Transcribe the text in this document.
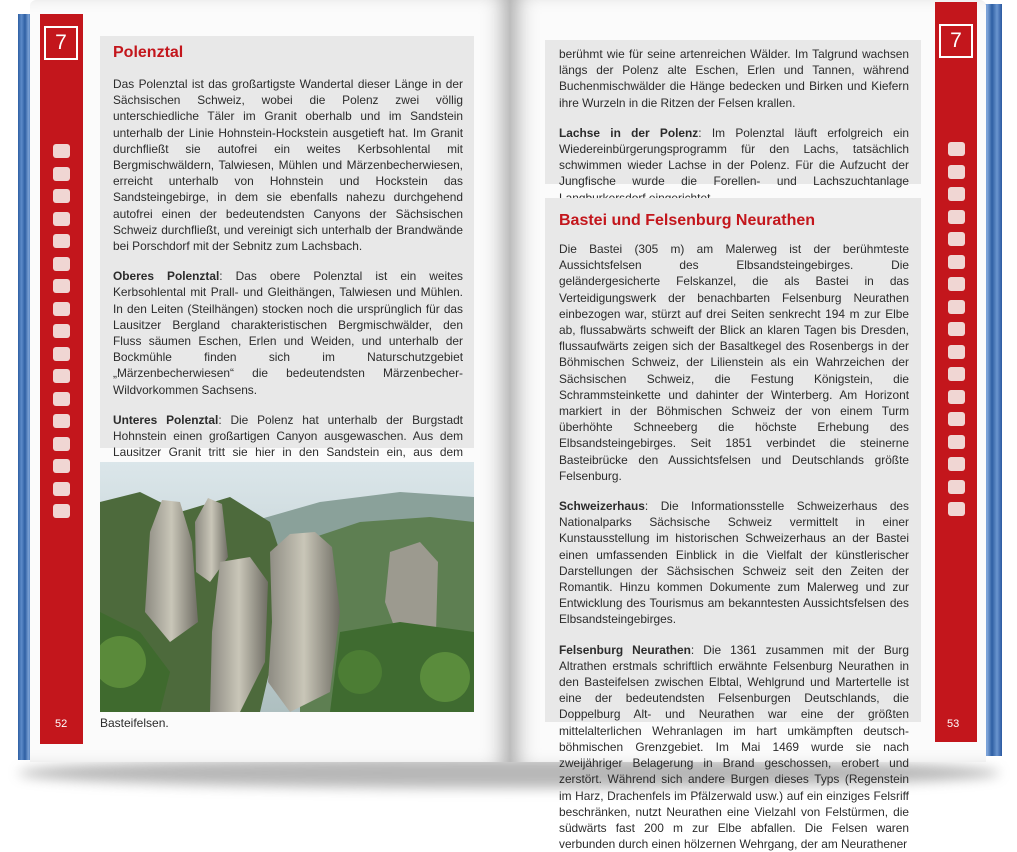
7
52
Polenztal

Das Polenztal ist das großartigste Wandertal dieser Länge in der Sächsischen Schweiz, wobei die Polenz zwei völlig unterschiedliche Täler im Granit oberhalb und im Sandstein unterhalb der Linie Hohnstein-Hockstein ausgetieft hat. Im Granit durchfließt sie autofrei ein weites Kerbsohlental mit Bergmischwäldern, Talwiesen, Mühlen und Märzenbecherwiesen, erreicht unterhalb von Hohnstein und Hockstein das Sandsteingebirge, in dem sie ebenfalls nahezu durchgehend autofrei einen der bedeutendsten Canyons der Sächsischen Schweiz durchfließt, und vereinigt sich unterhalb der Brandwände bei Porschdorf mit der Sebnitz zum Lachsbach.

Oberes Polenztal: Das obere Polenztal ist ein weites Kerbsohlental mit Prall- und Gleithängen, Talwiesen und Mühlen. In den Leiten (Steilhängen) stocken noch die ursprünglich für das Lausitzer Bergland charakteristischen Bergmischwälder, den Fluss säumen Eschen, Erlen und Weiden, und unterhalb der Bockmühle finden sich im Naturschutzgebiet „Märzenbecherwiesen“ die bedeutendsten Märzenbecher-Wildvorkommen Sachsens.

Unteres Polenztal: Die Polenz hat unterhalb der Burgstadt Hohnstein einen großartigen Canyon ausgewaschen. Aus dem Lausitzer Granit tritt sie hier in den Sandstein ein, aus dem

Basteifelsen.
7
53

berühmt wie für seine artenreichen Wälder. Im Talgrund wachsen längs der Polenz alte Eschen, Erlen und Tannen, während Buchenmischwälder die Hänge bedecken und Birken und Kiefern ihre Wurzeln in die Ritzen der Felsen krallen.

Lachse in der Polenz: Im Polenztal läuft erfolgreich ein Wiedereinbürgerungsprogramm für den Lachs, tatsächlich schwimmen wieder Lachse in der Polenz. Für die Aufzucht der Jungfische wurde die Forellen- und Lachszuchtanlage

Bastei und Felsenburg Neurathen

Die Bastei (305 m) am Malerweg ist der berühmteste Aussichtsfelsen des Elbsandsteingebirges. Die geländergesicherte Felskanzel, die als Bastei in das Verteidigungswerk der benachbarten Felsenburg Neurathen einbezogen war, stürzt auf drei Seiten senkrecht 194 m zur Elbe ab, flussabwärts schweift der Blick an klaren Tagen bis Dresden, flussaufwärts zeigen sich der Basaltkegel des Rosenbergs in der Böhmischen Schweiz, der Lilienstein als ein Wahrzeichen der Sächsischen Schweiz, die Festung Königstein, die Schrammsteinkette und dahinter der Winterberg. Am Horizont markiert in der Böhmischen Schweiz der von einem Turm überhöhte Schneeberg die höchste Erhebung des Elbsandsteingebirges. Seit 1851 verbindet die steinerne Basteibrücke den Aussichtsfelsen und Deutschlands größte Felsenburg.

Schweizerhaus: Die Informationsstelle Schweizerhaus des Nationalparks Sächsische Schweiz vermittelt in einer Kunstausstellung im historischen Schweizerhaus an der Bastei einen umfassenden Einblick in die Vielfalt der künstlerischer Darstellungen der Sächsischen Schweiz seit den Zeiten der Romantik. Hinzu kommen Dokumente zum Malerweg und zur Entwicklung des Tourismus am bekanntesten Aussichtsfelsen des Elbsandsteingebirges.

Felsenburg Neurathen: Die 1361 zusammen mit der Burg Altrathen erstmals schriftlich erwähnte Felsenburg Neurathen in den Basteifelsen zwischen Elbtal, Wehlgrund und Martertelle ist eine der bedeutendsten Felsenburgen Deutschlands, die Doppelburg Alt- und Neurathen war eine der größten mittelalterlichen Wehranlagen im hart umkämpften deutsch-böhmischen Grenzgebiet. Im Mai 1469 wurde sie nach zweijähriger Belagerung in Brand geschossen, erobert und zerstört. Während sich andere Burgen dieses Typs (Regenstein im Harz, Drachenfels im Pfälzerwald usw.) auf ein einziges Felsriff beschränken, nutzt Neurathen eine Vielzahl von Felstürmen, die südwärts fast 200 m zur Elbe abfallen. Die Felsen waren verbunden durch einen hölzernen Wehrgang, der am Neurathener
